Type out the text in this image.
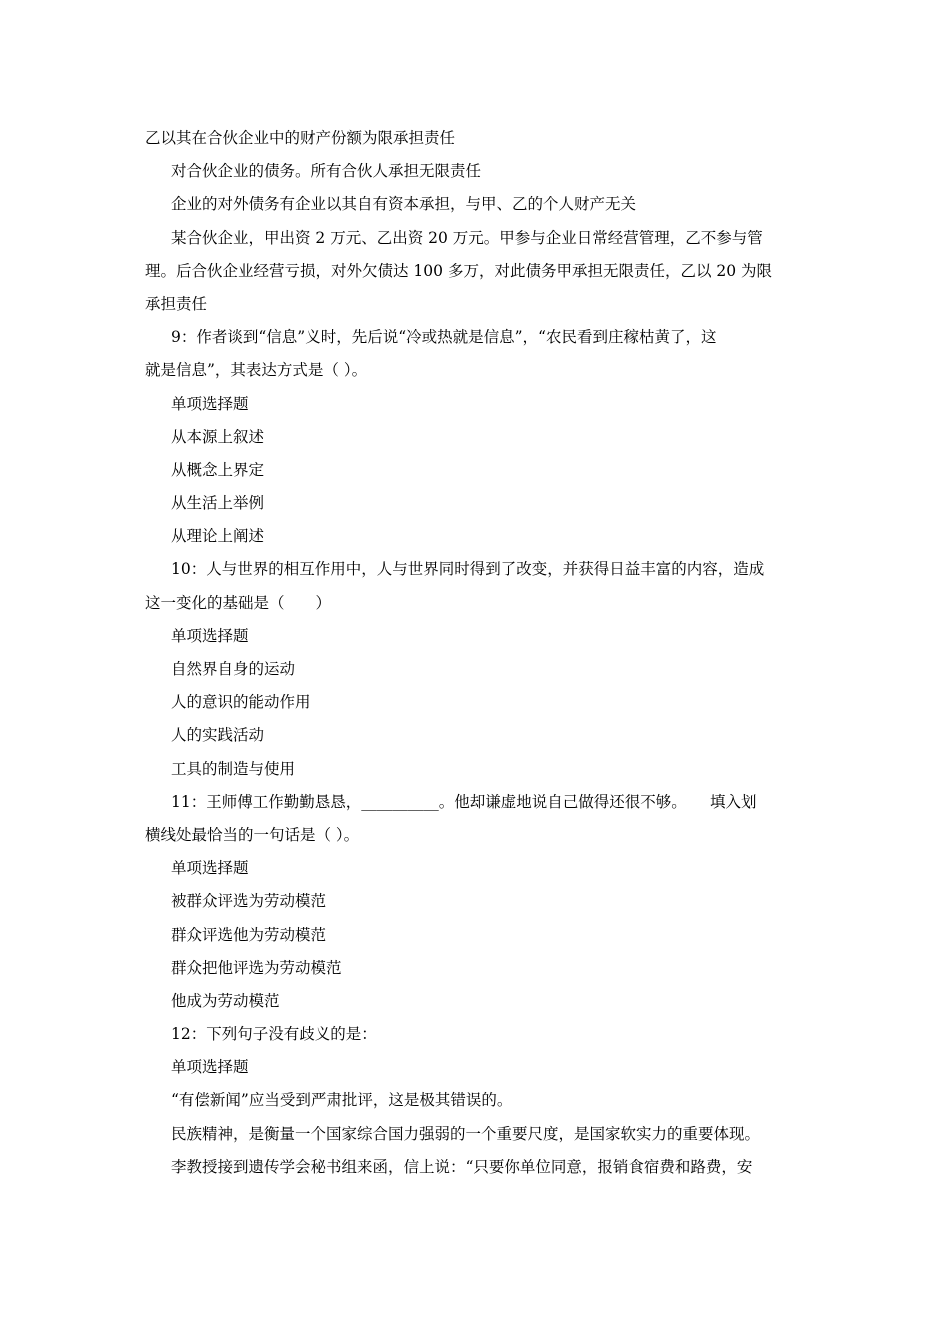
乙以其在合伙企业中的财产份额为限承担责任
对合伙企业的债务。所有合伙人承担无限责任
企业的对外债务有企业以其自有资本承担，与甲、乙的个人财产无关
某合伙企业，甲出资 2 万元、乙出资 20 万元。甲参与企业日常经营管理，乙不参与管
理。后合伙企业经营亏损，对外欠债达 100 多万，对此债务甲承担无限责任，乙以 20 为限
承担责任
9：作者谈到“信息”义时，先后说“冷或热就是信息”，“农民看到庄稼枯黄了，这
就是信息”，其表达方式是（ ）。
单项选择题
从本源上叙述
从概念上界定
从生活上举例
从理论上阐述
10：人与世界的相互作用中，人与世界同时得到了改变，并获得日益丰富的内容，造成
这一变化的基础是（　　）
单项选择题
自然界自身的运动
人的意识的能动作用
人的实践活动
工具的制造与使用
11：王师傅工作勤勤恳恳，__________。他却谦虚地说自己做得还很不够。　　填入划
横线处最恰当的一句话是（ ）。
单项选择题
被群众评选为劳动模范
群众评选他为劳动模范
群众把他评选为劳动模范
他成为劳动模范
12：下列句子没有歧义的是：
单项选择题
“有偿新闻”应当受到严肃批评，这是极其错误的。
民族精神，是衡量一个国家综合国力强弱的一个重要尺度，是国家软实力的重要体现。
李教授接到遗传学会秘书组来函，信上说：“只要你单位同意，报销食宿费和路费，安
